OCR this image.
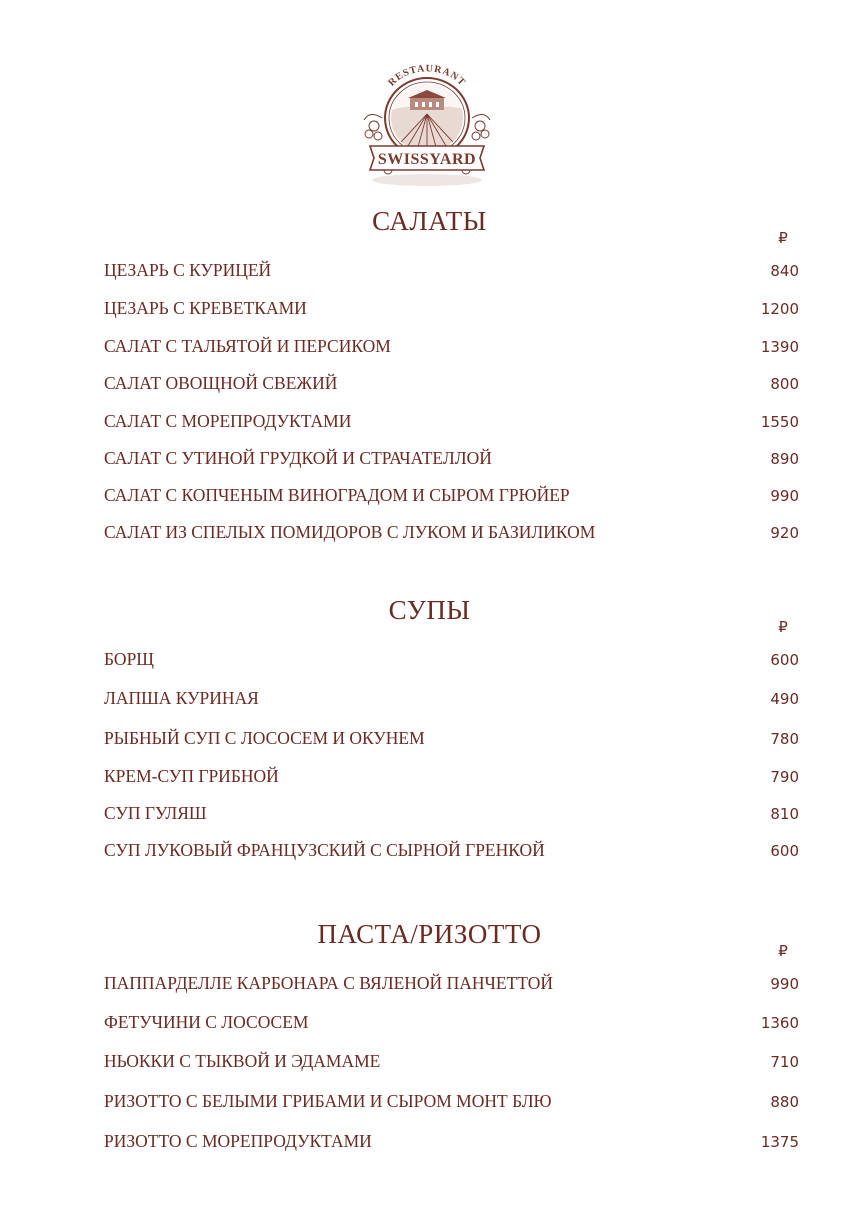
RESTAURANT
SWISSYARD
САЛАТЫ
₽
ЦЕЗАРЬ С КУРИЦЕЙ	840
ЦЕЗАРЬ С КРЕВЕТКАМИ	1200
САЛАТ С ТАЛЬЯТОЙ И ПЕРСИКОМ	1390
САЛАТ ОВОЩНОЙ СВЕЖИЙ	800
САЛАТ С МОРЕПРОДУКТАМИ	1550
САЛАТ С УТИНОЙ ГРУДКОЙ И СТРАЧАТЕЛЛОЙ	890
САЛАТ С КОПЧЕНЫМ ВИНОГРАДОМ И СЫРОМ ГРЮЙЕР	990
САЛАТ ИЗ СПЕЛЫХ ПОМИДОРОВ С ЛУКОМ И БАЗИЛИКОМ	920
СУПЫ
₽
БОРЩ	600
ЛАПША КУРИНАЯ	490
РЫБНЫЙ СУП С ЛОСОСЕМ И ОКУНЕМ	780
КРЕМ-СУП ГРИБНОЙ	790
СУП ГУЛЯШ	810
СУП ЛУКОВЫЙ ФРАНЦУЗСКИЙ С СЫРНОЙ ГРЕНКОЙ	600
ПАСТА/РИЗОТТО
₽
ПАППАРДЕЛЛЕ КАРБОНАРА С ВЯЛЕНОЙ ПАНЧЕТТОЙ	990
ФЕТУЧИНИ С ЛОСОСЕМ	1360
НЬОККИ С ТЫКВОЙ И ЭДАМАМЕ	710
РИЗОТТО С БЕЛЫМИ ГРИБАМИ И СЫРОМ МОНТ БЛЮ	880
РИЗОТТО С МОРЕПРОДУКТАМИ	1375
